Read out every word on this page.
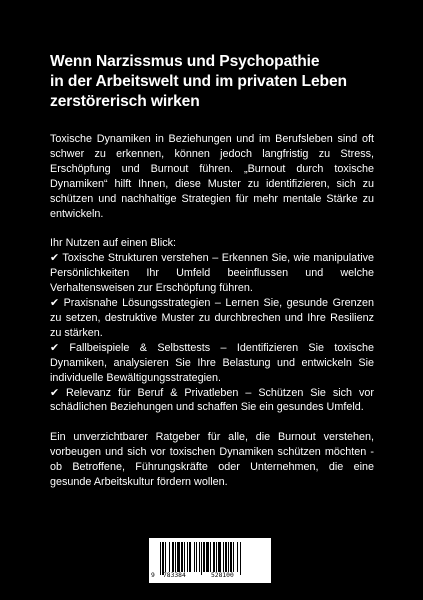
Wenn Narzissmus und Psychopathie
in der Arbeitswelt und im privaten Leben
zerstörerisch wirken

Toxische Dynamiken in Beziehungen und im Berufsleben sind oft schwer zu erkennen, können jedoch langfristig zu Stress, Erschöpfung und Burnout führen. „Burnout durch toxische Dynamiken“ hilft Ihnen, diese Muster zu identifizieren, sich zu schützen und nachhaltige Strategien für mehr mentale Stärke zu entwickeln.

Ihr Nutzen auf einen Blick:

✔ Toxische Strukturen verstehen – Erkennen Sie, wie manipulative Persönlichkeiten Ihr Umfeld beeinflussen und welche Verhaltensweisen zur Erschöpfung führen.

✔ Praxisnahe Lösungsstrategien – Lernen Sie, gesunde Grenzen zu setzen, destruktive Muster zu durchbrechen und Ihre Resilienz zu stärken.

✔ Fallbeispiele & Selbsttests – Identifizieren Sie toxische Dynamiken, analysieren Sie Ihre Belastung und entwickeln Sie individuelle Bewältigungsstrategien.

✔ Relevanz für Beruf & Privatleben – Schützen Sie sich vor schädlichen Beziehungen und schaffen Sie ein gesundes Umfeld.

Ein unverzichtbarer Ratgeber für alle, die Burnout verstehen, vorbeugen und sich vor toxischen Dynamiken schützen möchten - ob Betroffene, Führungskräfte oder Unternehmen, die eine gesunde Arbeitskultur fördern wollen.

9 783384	528100
